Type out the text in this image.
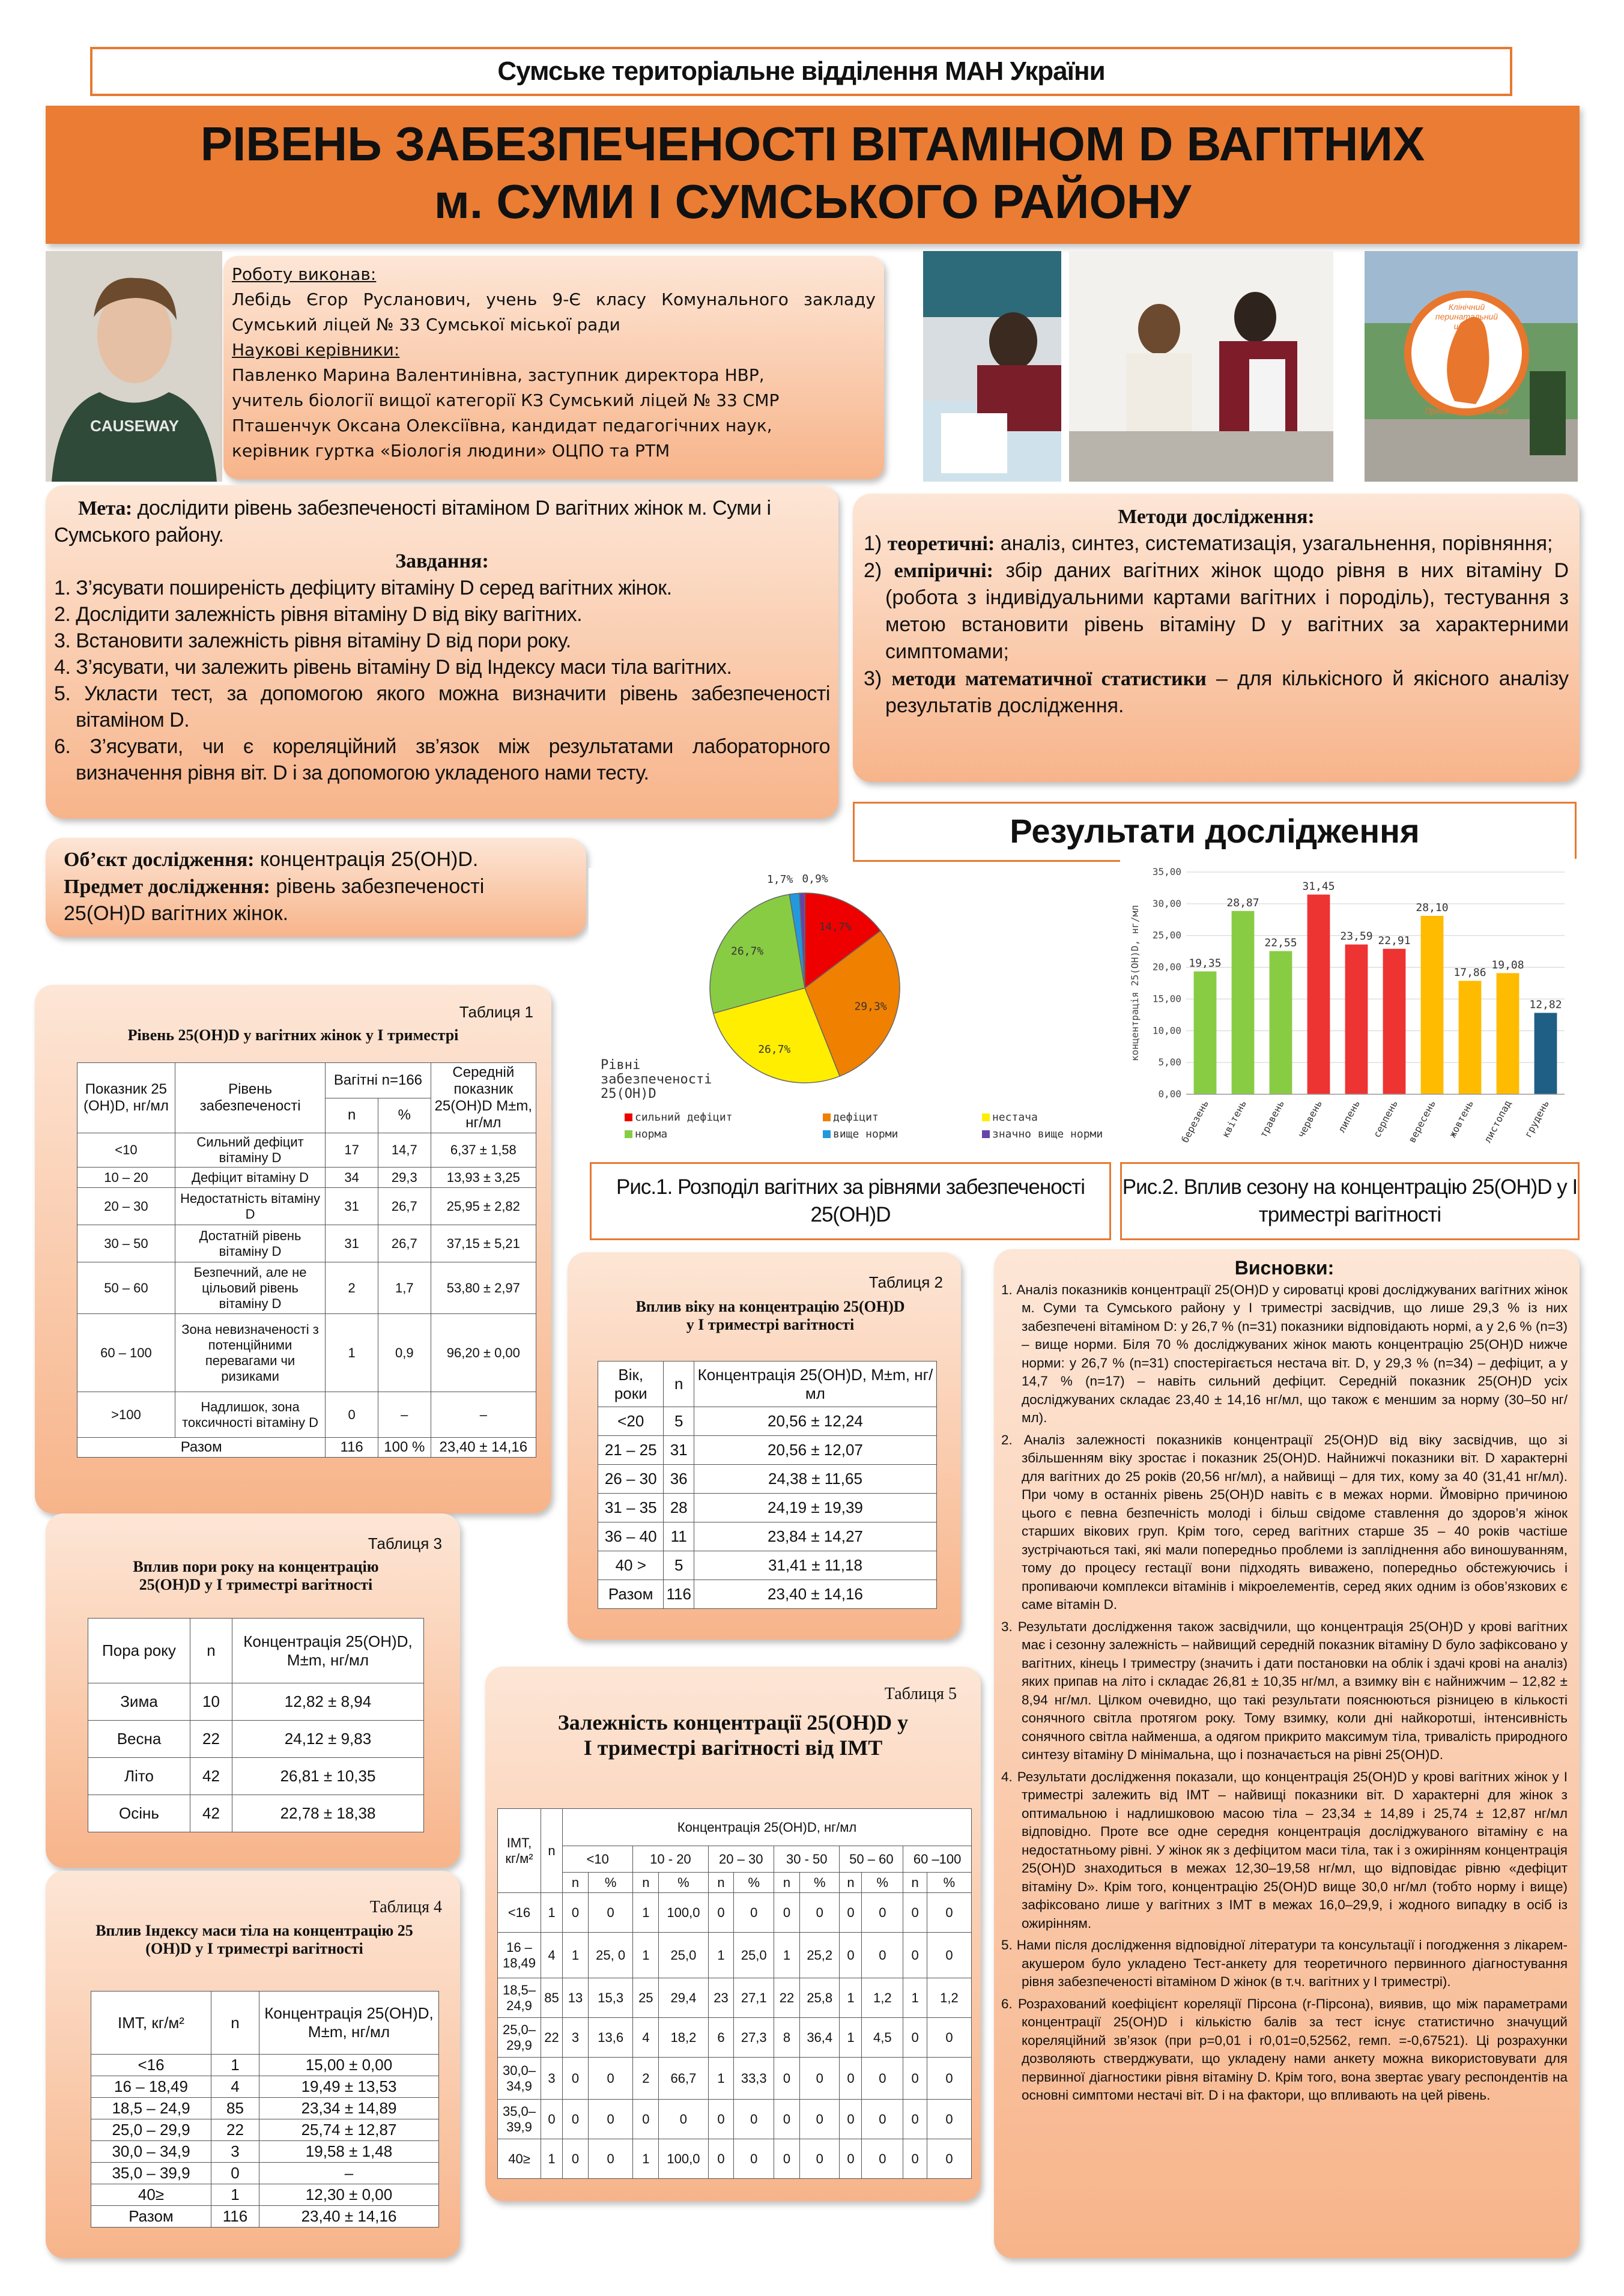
Сумське територіальне відділення МАН України
РІВЕНЬ ЗАБЕЗПЕЧЕНОСТІ ВІТАМІНОМ D ВАГІТНИХ
м. СУМИ І СУМСЬКОГО РАЙОНУ
CAUSEWAY
Роботу виконав:
Лебідь Єгор Русланович, учень 9-Є класу Комунального закладу Сумський ліцей № 33 Сумської міської ради
Наукові керівники:
Павленко Марина Валентинівна, заступник директора НВР,
учитель біології вищої категорії КЗ Сумський ліцей № 33 СМР
Пташенчук Оксана Олексіївна, кандидат педагогічних наук,
керівник гуртка «Біологія людини» ОЦПО та РТМ
Клінічний перинатальний центр
Пресвятої Діви Марії
Мета: дослідити рівень забезпеченості вітаміном D вагітних жінок м. Суми і Сумського району.
Завдання:
1. З’ясувати поширеність дефіциту вітаміну D серед вагітних жінок.
2. Дослідити залежність рівня вітаміну D від віку вагітних.
3. Встановити залежність рівня вітаміну D від пори року.
4. З’ясувати, чи залежить рівень вітаміну D від Індексу маси тіла вагітних.
5. Укласти тест, за допомогою якого можна визначити рівень забезпеченості вітаміном D.
6. З’ясувати, чи є кореляційний зв’язок між результатами лабораторного визначення рівня віт. D і за допомогою укладеного нами тесту.
Методи дослідження:
1) теоретичні: аналіз, синтез, систематизація, узагальнення, порівняння;
2) емпіричні: збір даних вагітних жінок щодо рівня в них вітаміну D (робота з індивідуальними картами вагітних і породіль), тестування з метою встановити рівень вітаміну D у вагітних за характерними симптомами;
3) методи математичної статистики – для кількісного й якісного аналізу результатів дослідження.
Об’єкт дослідження: концентрація 25(OH)D.
Предмет дослідження: рівень забезпеченості 25(OH)D вагітних жінок.
Результати дослідження
14,7%
29,3%
26,7%
26,7%
1,7% 0,9%
Рівні забезпеченості 25(OH)D
сильний дефіцит	дефіцит	нестача
норма	вище норми	значно вище норми
Рис.1. Розподіл вагітних за рівнями забезпеченості 25(OH)D
0,00
5,00
10,00
15,00
20,00
25,00
30,00
35,00
концентрація 25(OH)D, нг/мл	19,35
березень
28,87
квітень
22,55
травень
31,45
червень
23,59
липень
22,91
серпень
28,10
вересень
17,86
жовтень
19,08
листопад
12,82
грудень
Рис.2. Вплив сезону на концентрацію 25(OH)D у І триместрі вагітності
Таблиця 1
Рівень 25(OH)D у вагітних жінок у І триместрі
Показник 25 (OH)D, нг/мл	Рівень забезпеченості	Вагітні n=166		Середній показник 25(OH)D M±m, нг/мл
		n	%	
<10	Сильний дефіцит вітаміну D	17	14,7	6,37 ± 1,58
10 – 20	Дефіцит вітаміну D	34	29,3	13,93 ± 3,25
20 – 30	Недостатність вітаміну D	31	26,7	25,95 ± 2,82
30 – 50	Достатній рівень вітаміну D	31	26,7	37,15 ± 5,21
50 – 60	Безпечний, але не цільовий рівень вітаміну D	2	1,7	53,80 ± 2,97
60 – 100	Зона невизначеності з потенційними перевагами чи ризиками	1	0,9	96,20 ± 0,00
>100	Надлишок, зона токсичності вітаміну D	0	–	–
Разом		116	100 %	23,40 ± 14,16
Таблиця 2
Вплив віку на концентрацію 25(OH)D у І триместрі вагітності
Вік, роки	n	Концентрація 25(OH)D, M±m, нг/мл
<20	5	20,56 ± 12,24
21 – 25	31	20,56 ± 12,07
26 – 30	36	24,38 ± 11,65
31 – 35	28	24,19 ± 19,39
36 – 40	11	23,84 ± 14,27
40 >	5	31,41 ± 11,18
Разом	116	23,40 ± 14,16
Таблиця 3
Вплив пори року на концентрацію 25(OH)D у І триместрі вагітності
Пора року	n	Концентрація 25(OH)D, M±m, нг/мл
Зима	10	12,82 ± 8,94
Весна	22	24,12 ± 9,83
Літо	42	26,81 ± 10,35
Осінь	42	22,78 ± 18,38
Таблиця 4
Вплив Індексу маси тіла на концентрацію 25 (OH)D у І триместрі вагітності
ІМТ, кг/м²	n	Концентрація 25(OH)D, M±m, нг/мл
<16	1	15,00 ± 0,00
16 – 18,49	4	19,49 ± 13,53
18,5 – 24,9	85	23,34 ± 14,89
25,0 – 29,9	22	25,74 ± 12,87
30,0 – 34,9	3	19,58 ± 1,48
35,0 – 39,9	0	–
40≥	1	12,30 ± 0,00
Разом	116	23,40 ± 14,16
Таблиця 5
Залежність концентрації 25(OH)D у
І триместрі вагітності від ІМТ
ІМТ, кг/м²	n	Концентрація 25(OH)D, нг/мл											
		<10		10 - 20		20 – 30		30 - 50		50 – 60		60 –100	
		n	%	n	%	n	%	n	%	n	%	n	%
<16	1	0	0	1	100,0	0	0	0	0	0	0	0	0
16 –18,49	4	1	25, 0	1	25,0	1	25,0	1	25,2	0	0	0	0
18,5–24,9	85	13	15,3	25	29,4	23	27,1	22	25,8	1	1,2	1	1,2
25,0–29,9	22	3	13,6	4	18,2	6	27,3	8	36,4	1	4,5	0	0
30,0– 34,9	3	0	0	2	66,7	1	33,3	0	0	0	0	0	0
35,0–39,9	0	0	0	0	0	0	0	0	0	0	0	0	0
40≥	1	0	0	1	100,0	0	0	0	0	0	0	0	0
Висновки:
1. Аналіз показників концентрації 25(OH)D у сироватці крові досліджуваних вагітних жінок м. Суми та Сумського району у І триместрі засвідчив, що лише 29,3 % із них забезпечені вітаміном D: у 26,7 % (n=31) показники відповідають нормі, а у 2,6 % (n=3) – вище норми. Біля 70 % досліджуваних жінок мають концентрацію 25(OH)D нижче норми: у 26,7 % (n=31) спостерігається нестача віт. D, у 29,3 % (n=34) – дефіцит, а у 14,7 % (n=17) – навіть сильний дефіцит. Середній показник 25(OH)D усіх досліджуваних складає 23,40 ± 14,16 нг/мл, що також є меншим за норму (30–50 нг/мл).
2. Аналіз залежності показників концентрації 25(OH)D від віку засвідчив, що зі збільшенням віку зростає і показник 25(OH)D. Найнижчі показники віт. D характерні для вагітних до 25 років (20,56 нг/мл), а найвищі – для тих, кому за 40 (31,41 нг/мл). При чому в останніх рівень 25(OH)D навіть є в межах норми. Ймовірно причиною цього є певна безпечність молоді і більш свідоме ставлення до здоров’я жінок старших вікових груп. Крім того, серед вагітних старше 35 – 40 років частіше зустрічаються такі, які мали попередньо проблеми із запліднення або виношуванням, тому до процесу гестації вони підходять виважено, попередньо обстежуючись і пропиваючи комплекси вітамінів і мікроелементів, серед яких одним із обов’язкових є саме вітамін D.
3. Результати дослідження також засвідчили, що концентрація 25(OH)D у крові вагітних має і сезонну залежність – найвищий середній показник вітаміну D було зафіксовано у вагітних, кінець І триместру (значить і дати постановки на облік і здачі крові на аналіз) яких припав на літо і складає 26,81 ± 10,35 нг/мл, а взимку він є найнижчим – 12,82 ± 8,94 нг/мл. Цілком очевидно, що такі результати пояснюються різницею в кількості сонячного світла протягом року. Тому взимку, коли дні найкоротші, інтенсивність сонячного світла найменша, а одягом прикрито максимум тіла, тривалість природного синтезу вітаміну D мінімальна, що і позначається на рівні 25(OH)D.
4. Результати дослідження показали, що концентрація 25(OH)D у крові вагітних жінок у І триместрі залежить від ІМТ – найвищі показники віт. D характерні для жінок з оптимальною і надлишковою масою тіла – 23,34 ± 14,89 і 25,74 ± 12,87 нг/мл відповідно. Проте все одне середня концентрація досліджуваного вітаміну є на недостатньому рівні. У жінок як з дефіцитом маси тіла, так і з ожирінням концентрація 25(OH)D знаходиться в межах 12,30–19,58 нг/мл, що відповідає рівню «дефіцит вітаміну D». Крім того, концентрацію 25(OH)D вище 30,0 нг/мл (тобто норму і вище) зафіксовано лише у вагітних з ІМТ в межах 16,0–29,9, і жодного випадку в осіб із ожирінням.
5. Нами після дослідження відповідної літератури та консультації і погодження з лікарем-акушером було укладено Тест-анкету для теоретичного первинного діагностування рівня забезпеченості вітаміном D жінок (в т.ч. вагітних у І триместрі).
6. Розрахований коефіцієнт кореляції Пірсона (r-Пірсона), виявив, що між параметрами концентрації 25(OH)D і кількістю балів за тест існує статистично значущий кореляційний зв’язок (при p=0,01 і r0,01=0,52562, rемп. =-0,67521). Ці розрахунки дозволяють стверджувати, що укладену нами анкету можна використовувати для первинної діагностики рівня вітаміну D. Крім того, вона звертає увагу респондентів на основні симптоми нестачі віт. D і на фактори, що впливають на цей рівень.
